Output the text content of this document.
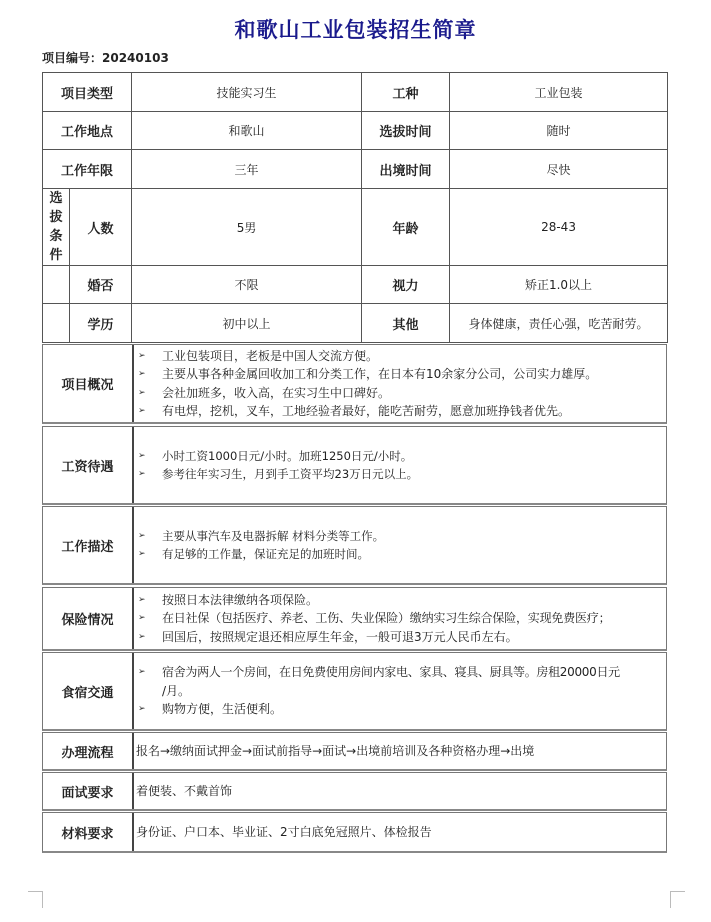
和歌山工业包装招生简章
项目编号：20240103
项目类型		技能实习生	工种	工业包装
工作地点		和歌山	选拔时间	随时
工作年限		三年	出境时间	尽快

选
拔
条
件	人数	5男	年龄	28-43
	婚否	不限	视力	矫正1.0以上
	学历	初中以上	其他	身体健康，责任心强，吃苦耐劳。
项目概况
➢	工业包装项目，老板是中国人交流方便。
➢	主要从事各种金属回收加工和分类工作，在日本有10余家分公司，公司实力雄厚。
➢	会社加班多，收入高，在实习生中口碑好。
➢	有电焊，挖机，叉车，工地经验者最好，能吃苦耐劳，愿意加班挣钱者优先。
工资待遇
➢	小时工资1000日元/小时。加班1250日元/小时。
➢	参考往年实习生，月到手工资平均23万日元以上。
工作描述
➢	主要从事汽车及电器拆解 材料分类等工作。
➢	有足够的工作量，保证充足的加班时间。
保险情况
➢	按照日本法律缴纳各项保险。
➢	在日社保（包括医疗、养老、工伤、失业保险）缴纳实习生综合保险，实现免费医疗；
➢	回国后，按照规定退还相应厚生年金，一般可退3万元人民币左右。
食宿交通
➢	宿舍为两人一个房间，在日免费使用房间内家电、家具、寝具、厨具等。房租20000日元
/月。
➢	购物方便，生活便利。
办理流程	报名→缴纳面试押金→面试前指导→面试→出境前培训及各种资格办理→出境
面试要求	着便装、不戴首饰
材料要求	身份证、户口本、毕业证、2寸白底免冠照片、体检报告
